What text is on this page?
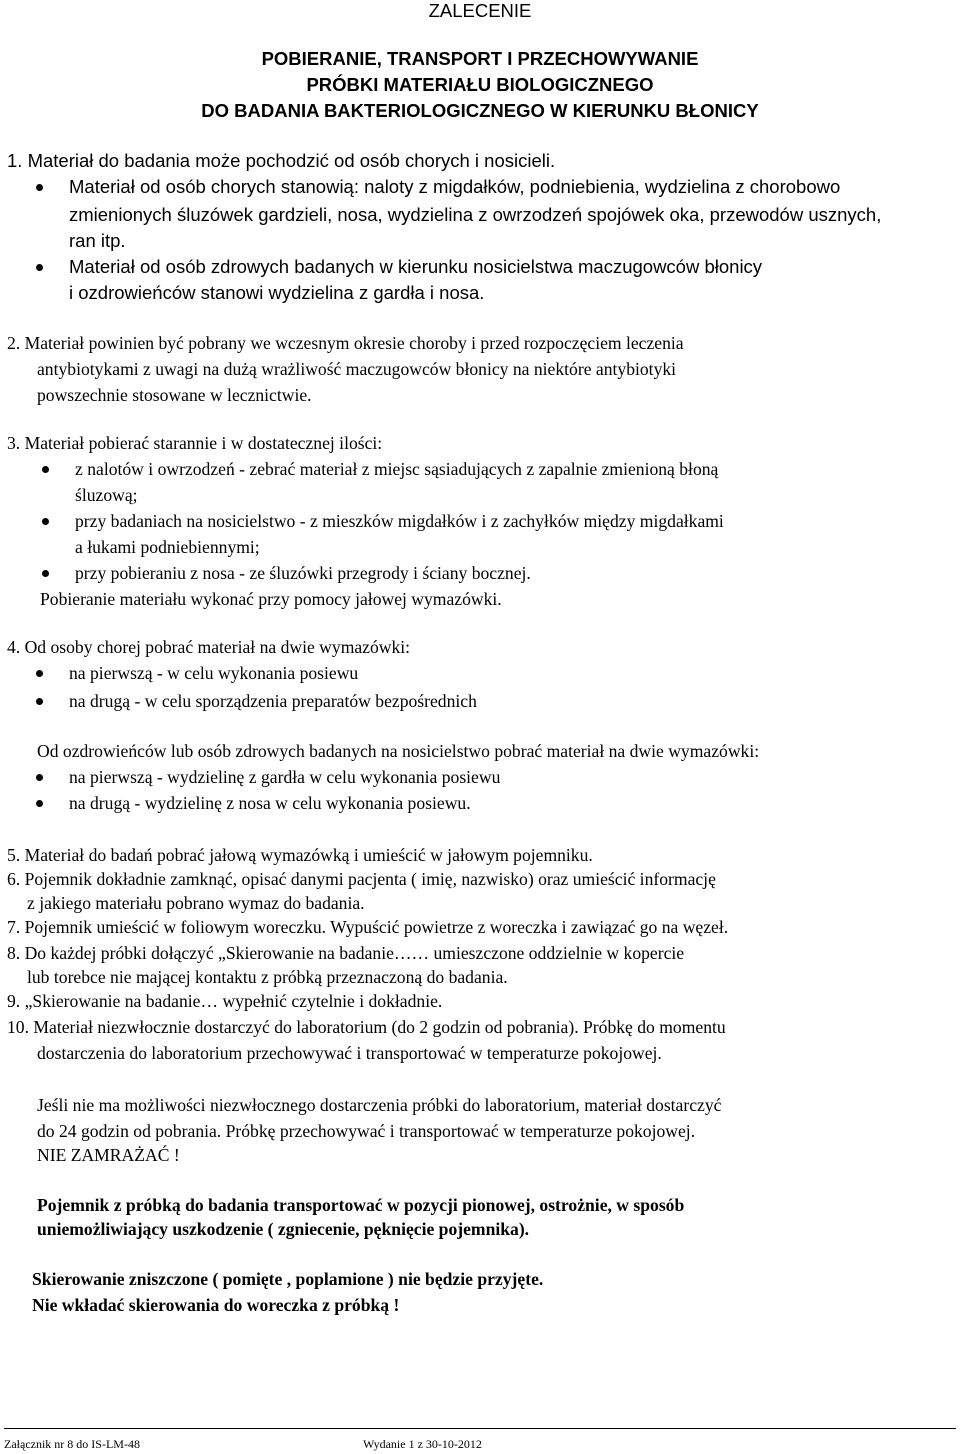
ZALECENIE
POBIERANIE, TRANSPORT I PRZECHOWYWANIE
PRÓBKI MATERIAŁU BIOLOGICZNEGO
DO BADANIA BAKTERIOLOGICZNEGO W KIERUNKU BŁONICY
1. Materiał do badania może pochodzić od osób chorych i nosicieli.
Materiał od osób chorych stanowią: naloty z migdałków, podniebienia, wydzielina z chorobowo
zmienionych śluzówek gardzieli, nosa, wydzielina z owrzodzeń spojówek oka, przewodów usznych,
ran itp.
Materiał od osób zdrowych badanych w kierunku nosicielstwa maczugowców błonicy
i ozdrowieńców stanowi wydzielina z gardła i nosa.
2. Materiał powinien być pobrany we wczesnym okresie choroby i przed rozpoczęciem leczenia
antybiotykami z uwagi na dużą wrażliwość maczugowców błonicy na niektóre antybiotyki
powszechnie stosowane w lecznictwie.
3. Materiał pobierać starannie i w dostatecznej ilości:
z nalotów i owrzodzeń - zebrać materiał z miejsc sąsiadujących z zapalnie zmienioną błoną
śluzową;
przy badaniach na nosicielstwo - z mieszków migdałków i z zachyłków między migdałkami
a łukami podniebiennymi;
przy pobieraniu z nosa - ze śluzówki przegrody i ściany bocznej.
Pobieranie materiału wykonać przy pomocy jałowej wymazówki.
4. Od osoby chorej pobrać materiał na dwie wymazówki:
na pierwszą - w celu wykonania posiewu
na drugą - w celu sporządzenia preparatów bezpośrednich
Od ozdrowieńców lub osób zdrowych badanych na nosicielstwo pobrać materiał na dwie wymazówki:
na pierwszą - wydzielinę z gardła w celu wykonania posiewu
na drugą - wydzielinę z nosa w celu wykonania posiewu.
5. Materiał do badań pobrać jałową wymazówką i umieścić w jałowym pojemniku.
6. Pojemnik dokładnie zamknąć, opisać danymi pacjenta ( imię, nazwisko) oraz umieścić informację
z jakiego materiału pobrano wymaz do badania.
7. Pojemnik umieścić w foliowym woreczku. Wypuścić powietrze z woreczka i zawiązać go na węzeł.
8. Do każdej próbki dołączyć „Skierowanie na badanie…… umieszczone oddzielnie w kopercie
lub torebce nie mającej kontaktu z próbką przeznaczoną do badania.
9. „Skierowanie na badanie… wypełnić czytelnie i dokładnie.
10. Materiał niezwłocznie dostarczyć do laboratorium (do 2 godzin od pobrania). Próbkę do momentu
dostarczenia do laboratorium przechowywać i transportować w temperaturze pokojowej.
Jeśli nie ma możliwości niezwłocznego dostarczenia próbki do laboratorium, materiał dostarczyć
do 24 godzin od pobrania. Próbkę przechowywać i transportować w temperaturze pokojowej.
NIE ZAMRAŻAĆ !
Pojemnik z próbką do badania transportować w pozycji pionowej, ostrożnie, w sposób
uniemożliwiający uszkodzenie ( zgniecenie, pęknięcie pojemnika).
Skierowanie zniszczone ( pomięte , poplamione ) nie będzie przyjęte.
Nie wkładać skierowania do woreczka z próbką !
Załącznik nr 8 do IS-LM-48	Wydanie 1 z 30-10-2012
